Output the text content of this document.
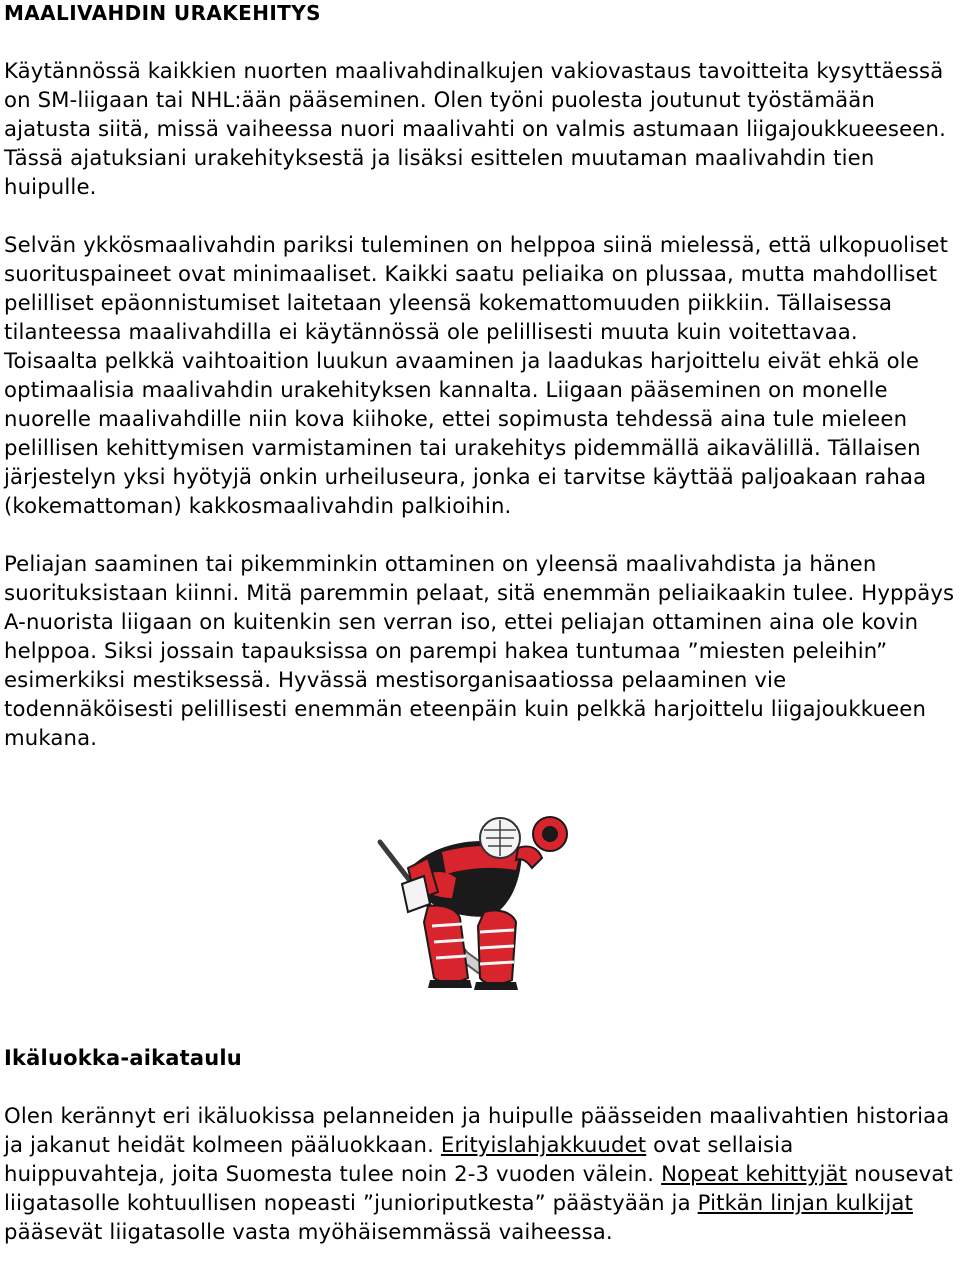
MAALIVAHDIN URAKEHITYS

Käytännössä kaikkien nuorten maalivahdinalkujen vakiovastaus tavoitteita kysyttäessä on SM-liigaan tai NHL:ään pääseminen. Olen työni puolesta joutunut työstämään ajatusta siitä, missä vaiheessa nuori maalivahti on valmis astumaan liigajoukkueeseen. Tässä ajatuksiani urakehityksestä ja lisäksi esittelen muutaman maalivahdin tien huipulle.

Selvän ykkösmaalivahdin pariksi tuleminen on helppoa siinä mielessä, että ulkopuoliset suorituspaineet ovat minimaaliset. Kaikki saatu peliaika on plussaa, mutta mahdolliset pelilliset epäonnistumiset laitetaan yleensä kokemattomuuden piikkiin. Tällaisessa tilanteessa maalivahdilla ei käytännössä ole pelillisesti muuta kuin voitettavaa. Toisaalta pelkkä vaihtoaition luukun avaaminen ja laadukas harjoittelu eivät ehkä ole optimaalisia maalivahdin urakehityksen kannalta. Liigaan pääseminen on monelle nuorelle maalivahdille niin kova kiihoke, ettei sopimusta tehdessä aina tule mieleen pelillisen kehittymisen varmistaminen tai urakehitys pidemmällä aikavälillä. Tällaisen järjestelyn yksi hyötyjä onkin urheiluseura, jonka ei tarvitse käyttää paljoakaan rahaa (kokemattoman) kakkosmaalivahdin palkioihin.

Peliajan saaminen tai pikemminkin ottaminen on yleensä maalivahdista ja hänen suorituksistaan kiinni. Mitä paremmin pelaat, sitä enemmän peliaikaakin tulee. Hyppäys A-nuorista liigaan on kuitenkin sen verran iso, ettei peliajan ottaminen aina ole kovin helppoa. Siksi jossain tapauksissa on parempi hakea tuntumaa ”miesten peleihin” esimerkiksi mestiksessä. Hyvässä mestisorganisaatiossa pelaaminen vie todennäköisesti pelillisesti enemmän eteenpäin kuin pelkkä harjoittelu liigajoukkueen mukana.

Ikäluokka-aikataulu

Olen kerännyt eri ikäluokissa pelanneiden ja huipulle päässeiden maalivahtien historiaa ja jakanut heidät kolmeen pääluokkaan. Erityislahjakkuudet ovat sellaisia huippuvahteja, joita Suomesta tulee noin 2-3 vuoden välein. Nopeat kehittyjät nousevat liigatasolle kohtuullisen nopeasti ”junioriputkesta” päästyään ja Pitkän linjan kulkijat pääsevät liigatasolle vasta myöhäisemmässä vaiheessa.
